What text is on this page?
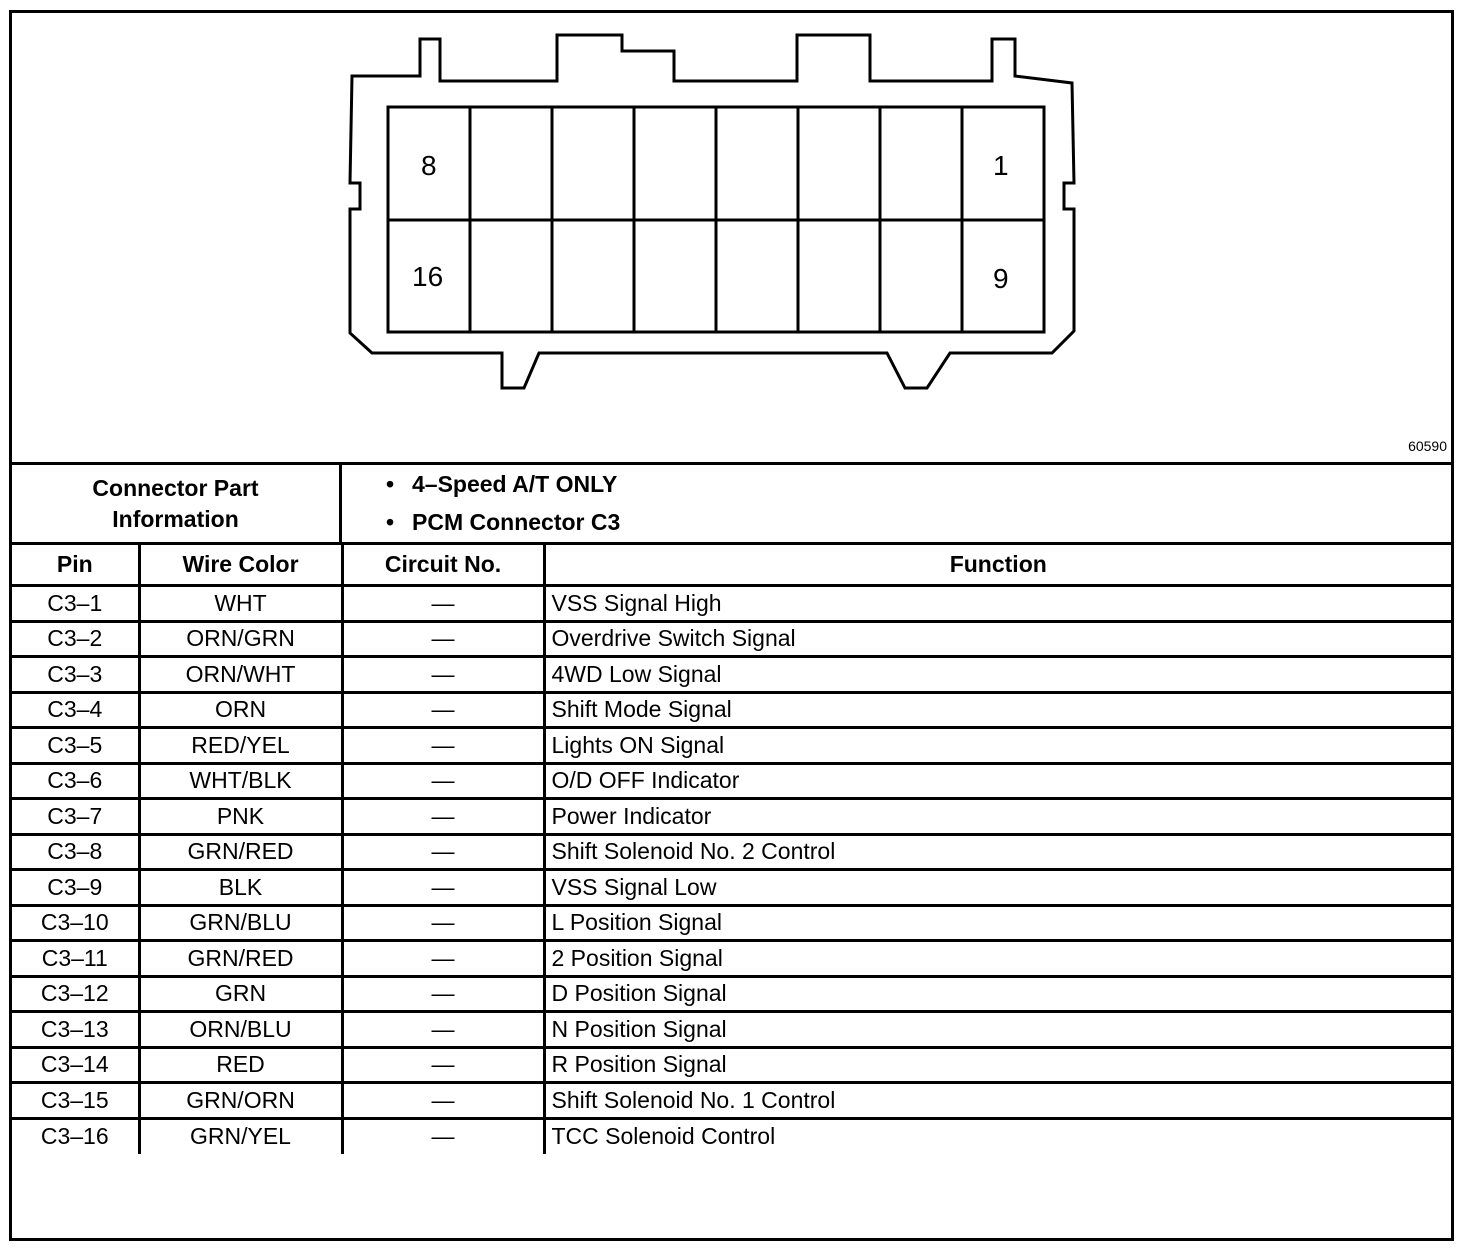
8	1
16	9
60590
Connector Part
Information
• 4–Speed A/T ONLY
• PCM Connector C3
Pin	Wire Color	Circuit No.	Function
C3–1	WHT	—	VSS Signal High
C3–2	ORN/GRN	—	Overdrive Switch Signal
C3–3	ORN/WHT	—	4WD Low Signal
C3–4	ORN	—	Shift Mode Signal
C3–5	RED/YEL	—	Lights ON Signal
C3–6	WHT/BLK	—	O/D OFF Indicator
C3–7	PNK	—	Power Indicator
C3–8	GRN/RED	—	Shift Solenoid No. 2 Control
C3–9	BLK	—	VSS Signal Low
C3–10	GRN/BLU	—	L Position Signal
C3–11	GRN/RED	—	2 Position Signal
C3–12	GRN	—	D Position Signal
C3–13	ORN/BLU	—	N Position Signal
C3–14	RED	—	R Position Signal
C3–15	GRN/ORN	—	Shift Solenoid No. 1 Control
C3–16	GRN/YEL	—	TCC Solenoid Control
